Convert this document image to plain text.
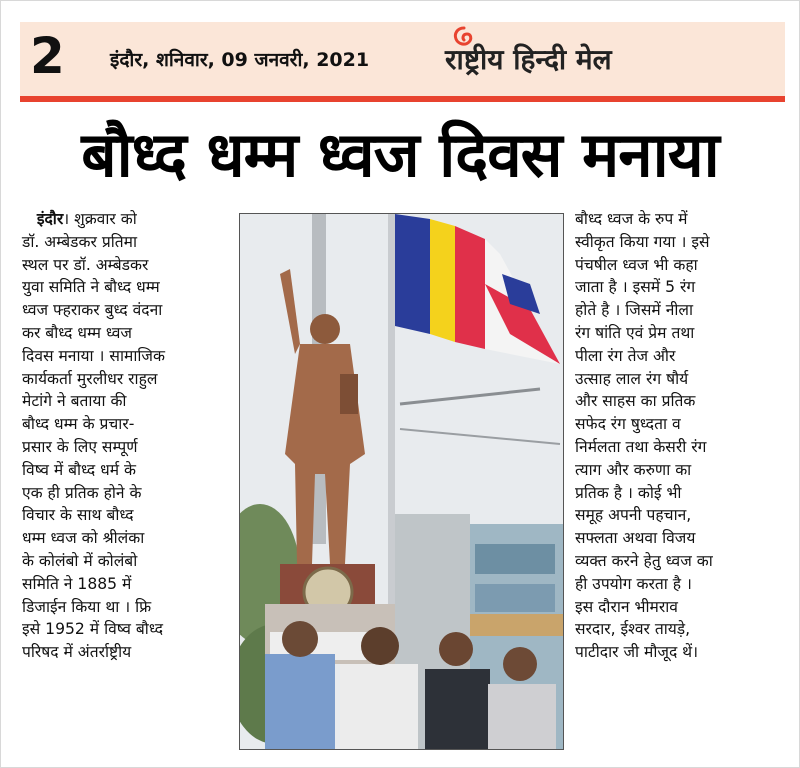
2 इंदौर, शनिवार, 09 जनवरी, 2021	राष्ट्रीय हिन्दी मेल
बौध्द धम्म ध्वज दिवस मनाया
इंदौर। शुक्रवार को
डॉ. अम्बेडकर प्रतिमा
स्थल पर डॉ. अम्बेडकर
युवा समिति ने बौध्द धम्म
ध्वज फ्हराकर बुध्द वंदना
कर बौध्द धम्म ध्वज
दिवस मनाया । सामाजिक
कार्यकर्ता मुरलीधर राहुल
मेटांगे ने बताया की
बौध्द धम्म के प्रचार-
प्रसार के लिए सम्पूर्ण
विष्व में बौध्द धर्म के
एक ही प्रतिक होने के
विचार के साथ बौध्द
धम्म ध्वज को श्रीलंका
के कोलंबो में कोलंबो
समिति ने 1885 में
डिजाईन किया था । फ्रि
इसे 1952 में विष्व बौध्द
परिषद में अंतर्राष्ट्रीय
बौध्द ध्वज के रुप में
स्वीकृत किया गया । इसे
पंचषील ध्वज भी कहा
जाता है । इसमें 5 रंग
होते है । जिसमें नीला
रंग षांति एवं प्रेम तथा
पीला रंग तेज और
उत्साह लाल रंग षौर्य
और साहस का प्रतिक
सफेद रंग षुध्दता व
निर्मलता तथा केसरी रंग
त्याग और करुणा का
प्रतिक है । कोई भी
समूह अपनी पहचान,
सफ्लता अथवा विजय
व्यक्त करने हेतु ध्वज का
ही उपयोग करता है ।
इस दौरान भीमराव
सरदार, ईश्वर तायड़े,
पाटीदार जी मौजूद थें।
